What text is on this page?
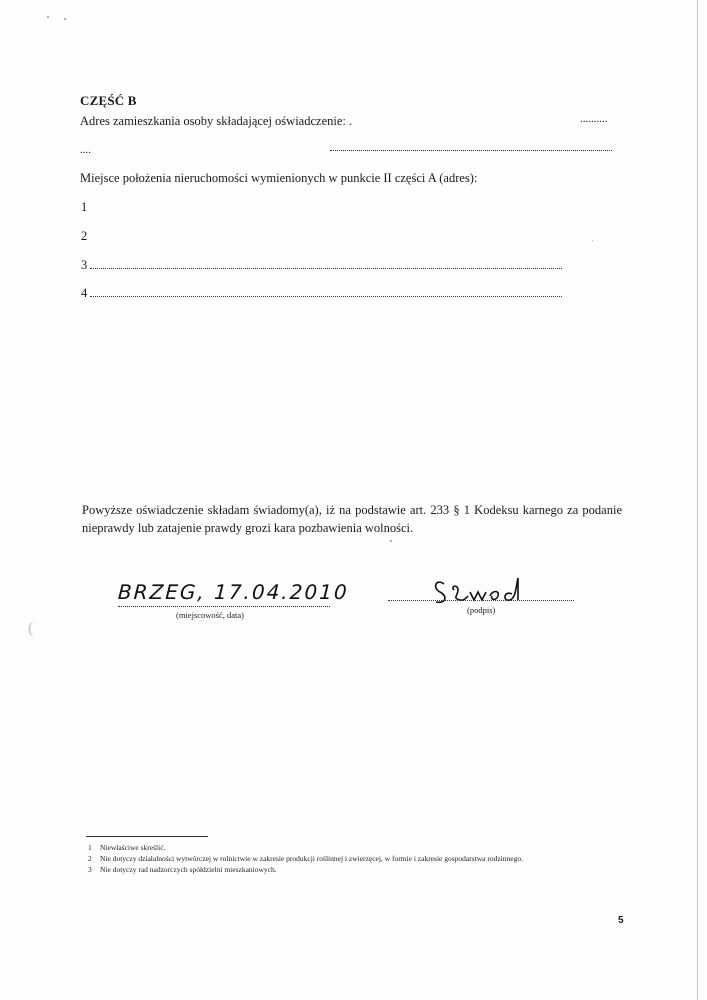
CZĘŚĆ B
Adres zamieszkania osoby składającej oświadczenie: .	..........
....
Miejsce położenia nieruchomości wymienionych w punkcie II części A (adres):
1
2
3
4
Powyższe oświadczenie składam świadomy(a), iż na podstawie art. 233 § 1 Kodeksu karnego za podanie nieprawdy lub zatajenie prawdy grozi kara pozbawienia wolności.
BRZEG, 17.04.2010
(miejscowość, data)	(podpis)
(
1 Niewłaściwe skreślić.
2 Nie dotyczy działalności wytwórczej w rolnictwie w zakresie produkcji roślinnej i zwierzęcej, w formie i zakresie gospodarstwa rodzinnego.
3 Nie dotyczy rad nadzorczych spółdzielni mieszkaniowych.
5
